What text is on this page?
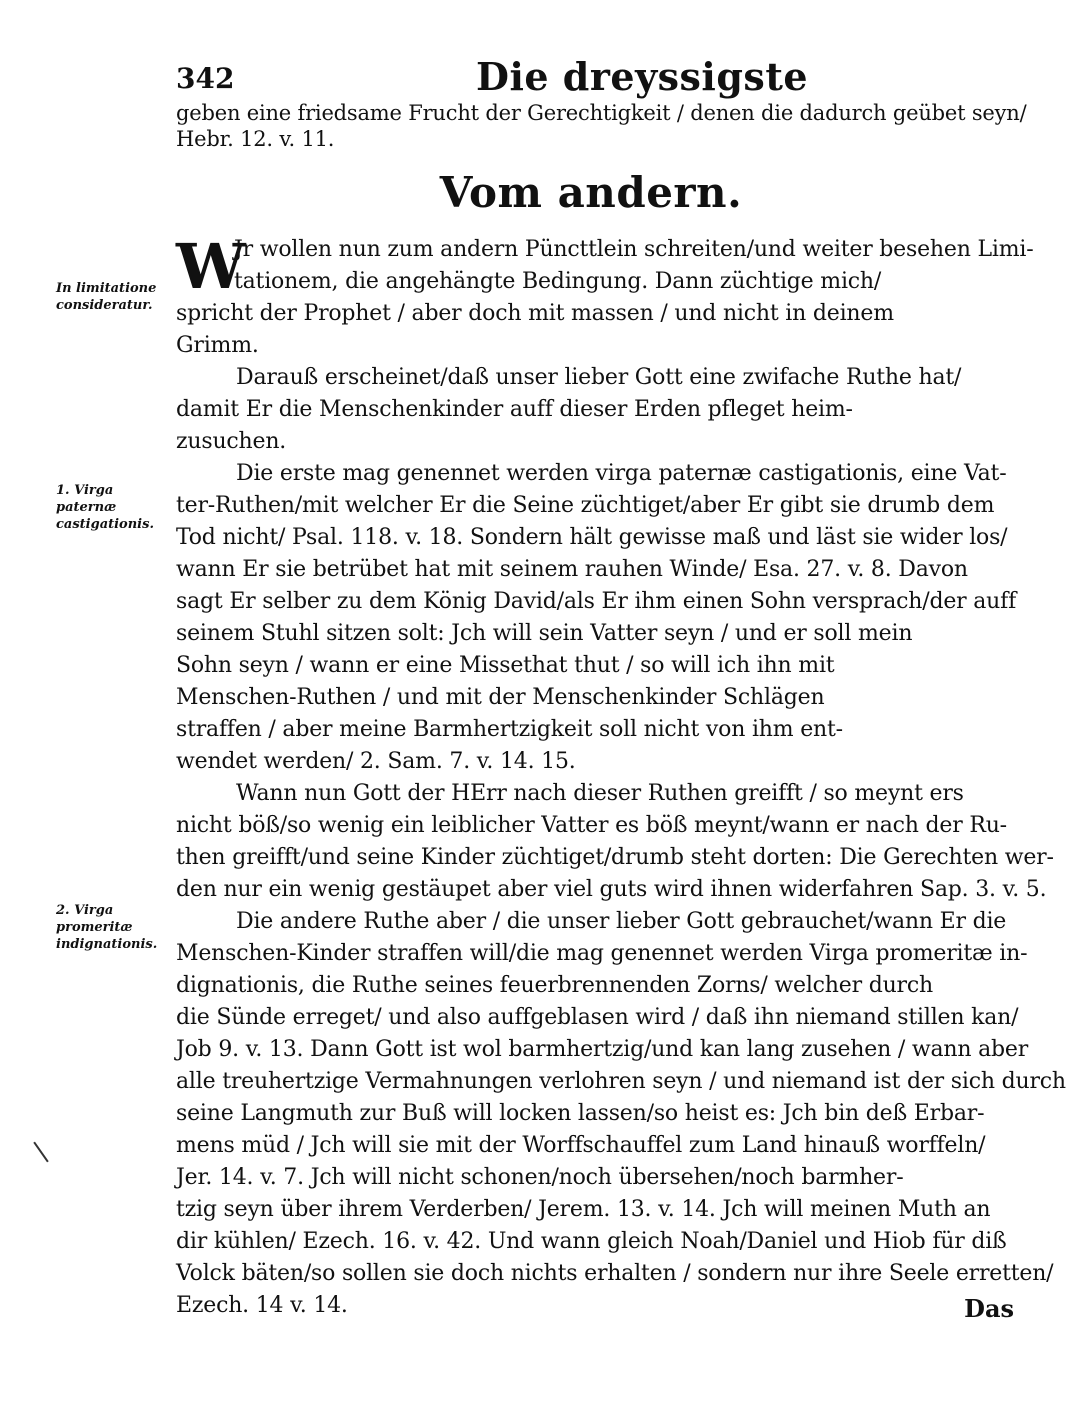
342	Die dreyssigste
In limitatione consideratur.
1. Virga paternæ castigationis.
2. Virga promeritæ indignationis.
geben eine friedsame Frucht der Gerechtigkeit / denen die dadurch geübet seyn/
Hebr. 12. v. 11.
Vom andern.
W
Jr wollen nun zum andern Püncttlein schreiten/und weiter besehen Limi-
tationem, die angehängte Bedingung. Dann züchtige mich/
spricht der Prophet / aber doch mit massen / und nicht in deinem
Grimm.
Darauß erscheinet/daß unser lieber Gott eine zwifache Ruthe hat/
damit Er die Menschenkinder auff dieser Erden pfleget heim-
zusuchen.
Die erste mag genennet werden virga paternæ castigationis, eine Vat-
ter-Ruthen/mit welcher Er die Seine züchtiget/aber Er gibt sie drumb dem
Tod nicht/ Psal. 118. v. 18. Sondern hält gewisse maß und läst sie wider los/
wann Er sie betrübet hat mit seinem rauhen Winde/ Esa. 27. v. 8. Davon
sagt Er selber zu dem König David/als Er ihm einen Sohn versprach/der auff
seinem Stuhl sitzen solt: Jch will sein Vatter seyn / und er soll mein
Sohn seyn / wann er eine Missethat thut / so will ich ihn mit
Menschen-Ruthen / und mit der Menschenkinder Schlägen
straffen / aber meine Barmhertzigkeit soll nicht von ihm ent-
wendet werden/ 2. Sam. 7. v. 14. 15.
Wann nun Gott der HErr nach dieser Ruthen greifft / so meynt ers
nicht böß/so wenig ein leiblicher Vatter es böß meynt/wann er nach der Ru-
then greifft/und seine Kinder züchtiget/drumb steht dorten: Die Gerechten wer-
den nur ein wenig gestäupet aber viel guts wird ihnen widerfahren Sap. 3. v. 5.
Die andere Ruthe aber / die unser lieber Gott gebrauchet/wann Er die
Menschen-Kinder straffen will/die mag genennet werden Virga promeritæ in-
dignationis, die Ruthe seines feuerbrennenden Zorns/ welcher durch
die Sünde erreget/ und also auffgeblasen wird / daß ihn niemand stillen kan/
Job 9. v. 13. Dann Gott ist wol barmhertzig/und kan lang zusehen / wann aber
alle treuhertzige Vermahnungen verlohren seyn / und niemand ist der sich durch
seine Langmuth zur Buß will locken lassen/so heist es: Jch bin deß Erbar-
mens müd / Jch will sie mit der Worffschauffel zum Land hinauß worffeln/
Jer. 14. v. 7. Jch will nicht schonen/noch übersehen/noch barmher-
tzig seyn über ihrem Verderben/ Jerem. 13. v. 14. Jch will meinen Muth an
dir kühlen/ Ezech. 16. v. 42. Und wann gleich Noah/Daniel und Hiob für diß
Volck bäten/so sollen sie doch nichts erhalten / sondern nur ihre Seele erretten/
Ezech. 14 v. 14.	Das
